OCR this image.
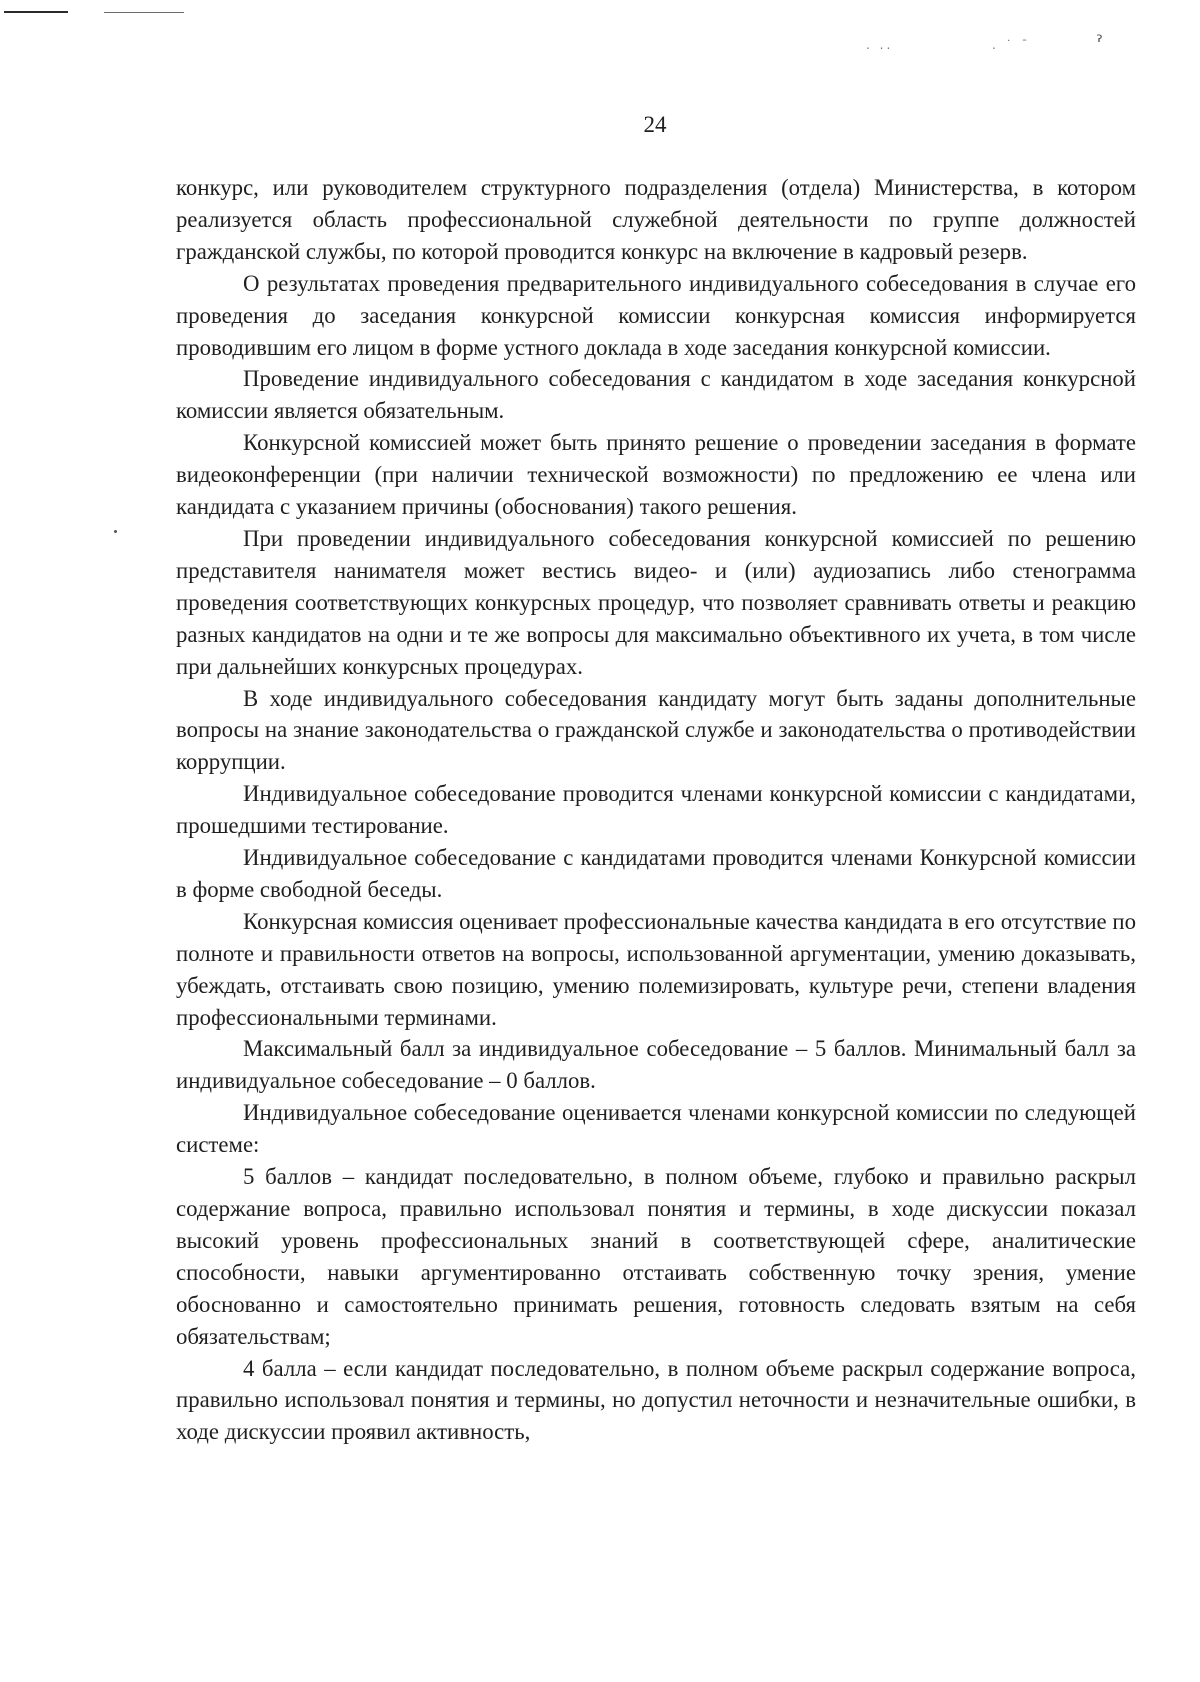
. ..	. ˙ ˉ	ˀ
24

конкурс, или руководителем структурного подразделения (отдела) Министерства, в котором реализуется область профессиональной служебной деятельности по группе должностей гражданской службы, по которой проводится конкурс на включение в кадровый резерв.

О результатах проведения предварительного индивидуального собеседования в случае его проведения до заседания конкурсной комиссии конкурсная комиссия информируется проводившим его лицом в форме устного доклада в ходе заседания конкурсной комиссии.

Проведение индивидуального собеседования с кандидатом в ходе заседания конкурсной комиссии является обязательным.

Конкурсной комиссией может быть принято решение о проведении заседания в формате видеоконференции (при наличии технической возможности) по предложению ее члена или кандидата с указанием причины (обоснования) такого решения.

При проведении индивидуального собеседования конкурсной комиссией по решению представителя нанимателя может вестись видео- и (или) аудиозапись либо стенограмма проведения соответствующих конкурсных процедур, что позволяет сравнивать ответы и реакцию разных кандидатов на одни и те же вопросы для максимально объективного их учета, в том числе при дальнейших конкурсных процедурах.

В ходе индивидуального собеседования кандидату могут быть заданы дополнительные вопросы на знание законодательства о гражданской службе и законодательства о противодействии коррупции.

Индивидуальное собеседование проводится членами конкурсной комиссии с кандидатами, прошедшими тестирование.

Индивидуальное собеседование с кандидатами проводится членами Конкурсной комиссии в форме свободной беседы.

Конкурсная комиссия оценивает профессиональные качества кандидата в его отсутствие по полноте и правильности ответов на вопросы, использованной аргументации, умению доказывать, убеждать, отстаивать свою позицию, умению полемизировать, культуре речи, степени владения профессиональными терминами.

Максимальный балл за индивидуальное собеседование – 5 баллов. Минимальный балл за индивидуальное собеседование – 0 баллов.

Индивидуальное собеседование оценивается членами конкурсной комиссии по следующей системе:

5 баллов – кандидат последовательно, в полном объеме, глубоко и правильно раскрыл содержание вопроса, правильно использовал понятия и термины, в ходе дискуссии показал высокий уровень профессиональных знаний в соответствующей сфере, аналитические способности, навыки аргументированно отстаивать собственную точку зрения, умение обоснованно и самостоятельно принимать решения, готовность следовать взятым на себя обязательствам;

4 балла – если кандидат последовательно, в полном объеме раскрыл содержание вопроса, правильно использовал понятия и термины, но допустил неточности и незначительные ошибки, в ходе дискуссии проявил активность,
